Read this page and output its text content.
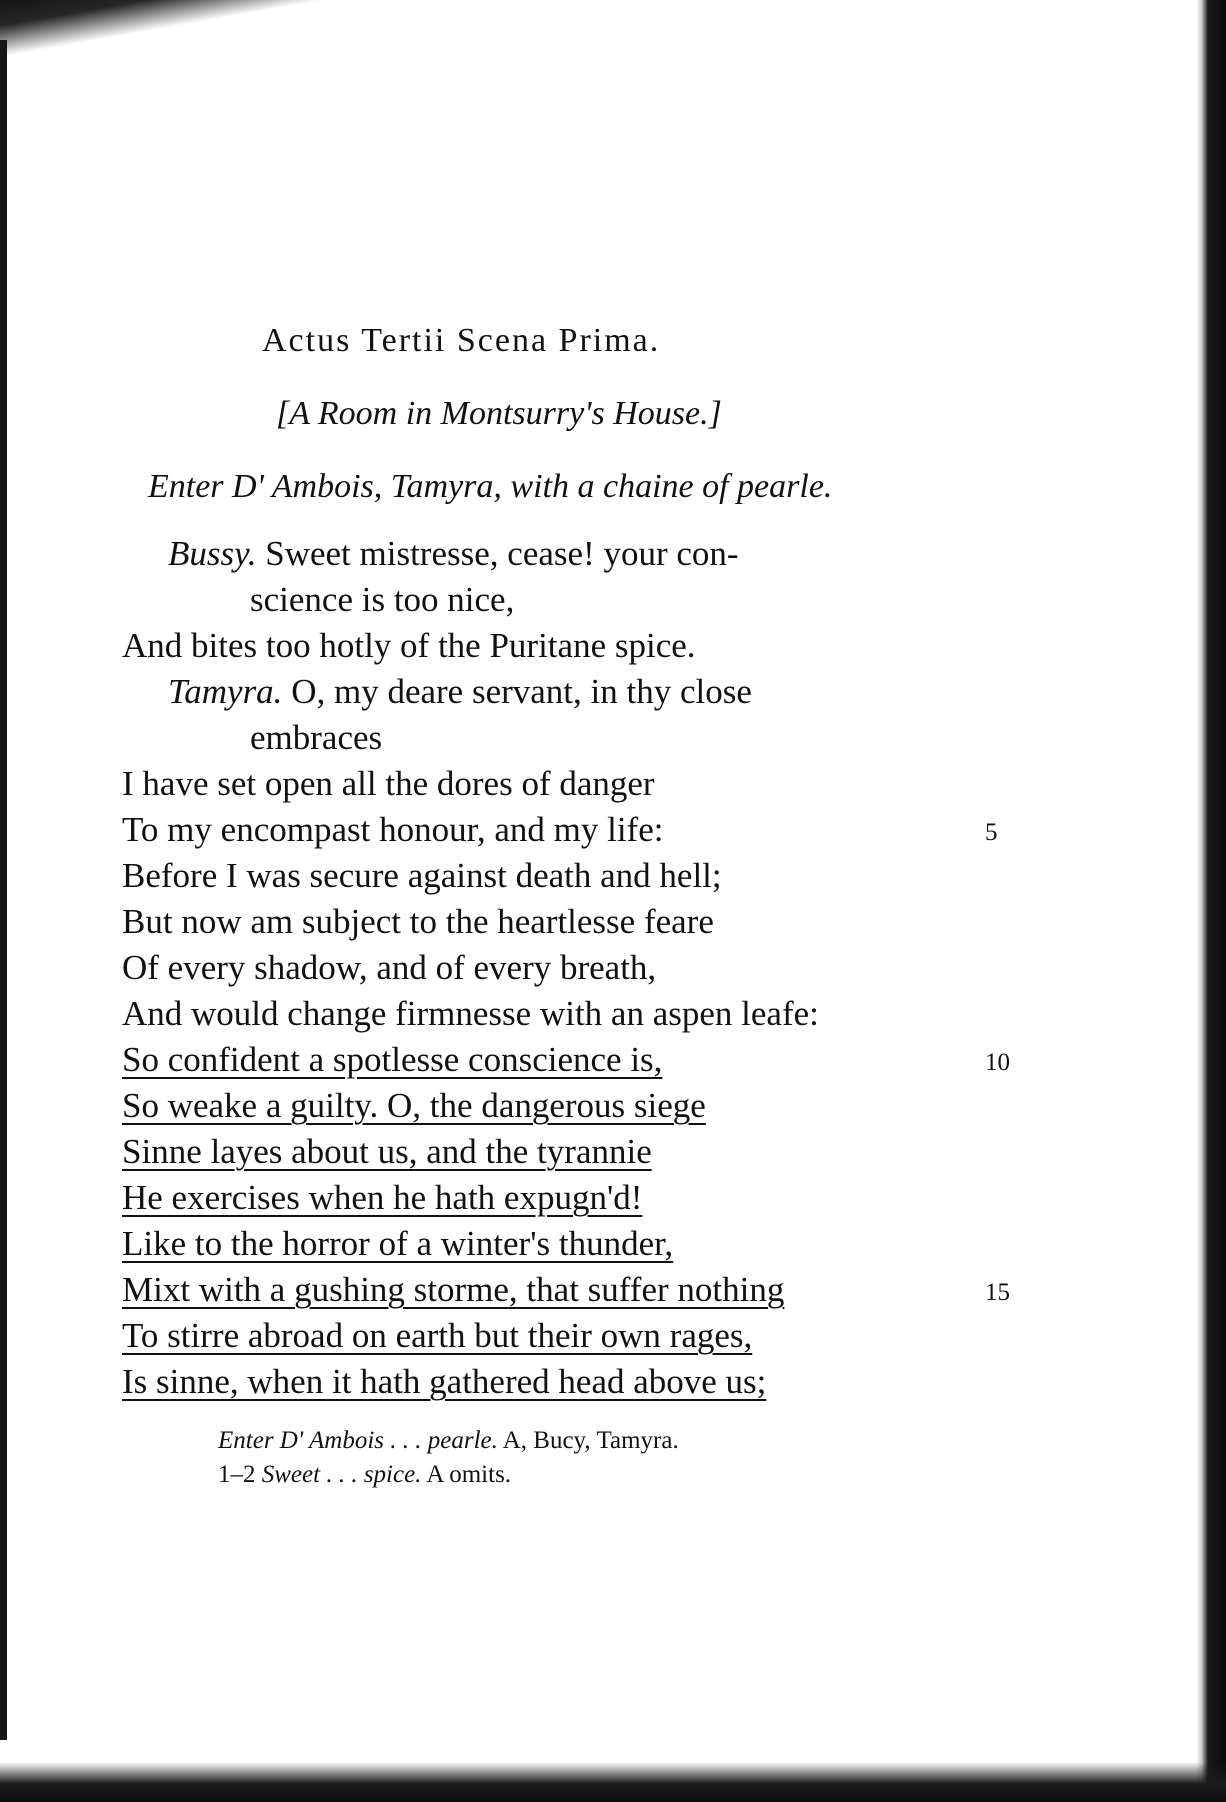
Actus Tertii Scena Prima.
[A Room in Montsurry's House.]
Enter D' Ambois, Tamyra, with a chaine of pearle.
Bussy. Sweet mistresse, cease! your con-
science is too nice,
And bites too hotly of the Puritane spice.
Tamyra. O, my deare servant, in thy close
embraces
I have set open all the dores of danger
To my encompast honour, and my life:	5
Before I was secure against death and hell;
But now am subject to the heartlesse feare
Of every shadow, and of every breath,
And would change firmnesse with an aspen leafe:
So confident a spotlesse conscience is,	10
So weake a guilty. O, the dangerous siege
Sinne layes about us, and the tyrannie
He exercises when he hath expugn'd!
Like to the horror of a winter's thunder,
Mixt with a gushing storme, that suffer nothing	15
To stirre abroad on earth but their own rages,
Is sinne, when it hath gathered head above us;
Enter D' Ambois . . . pearle. A, Bucy, Tamyra.
1–2 Sweet . . . spice. A omits.
